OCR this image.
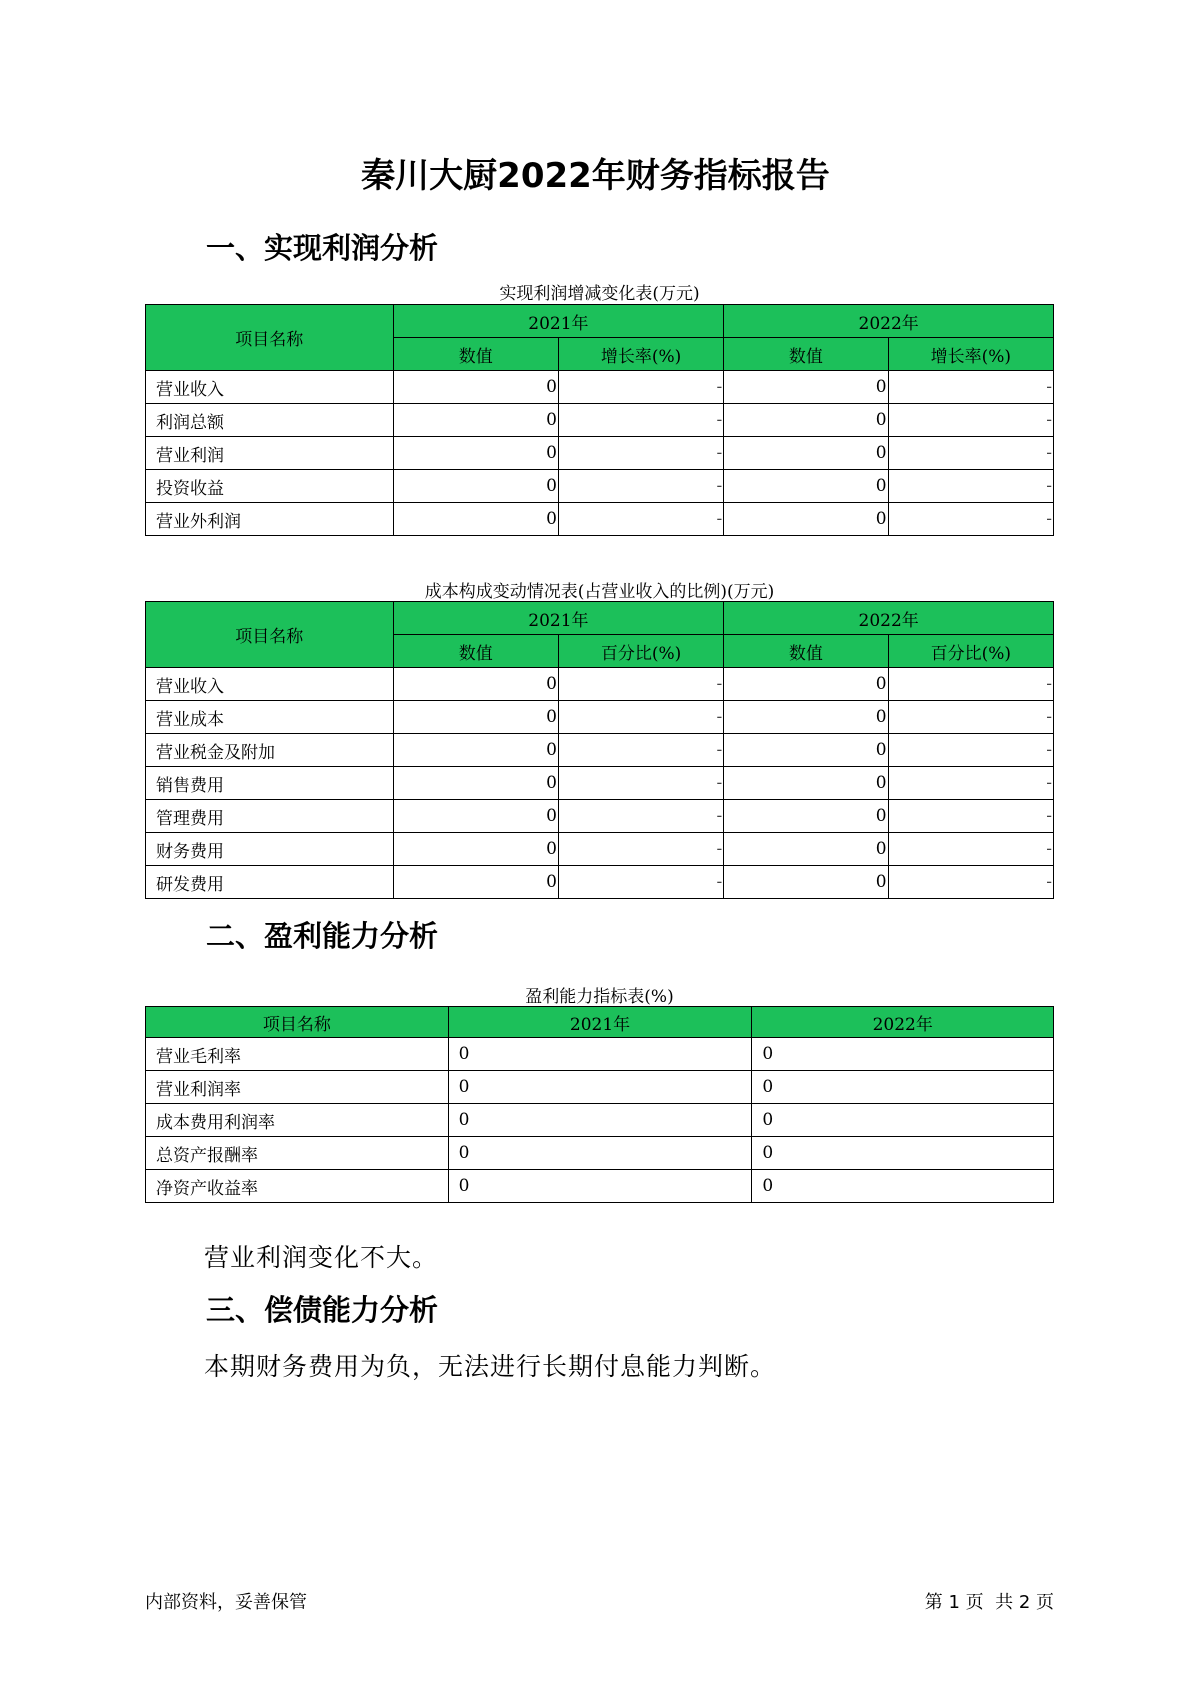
秦川大厨2022年财务指标报告
一、实现利润分析
实现利润增减变化表(万元)
项目名称	2021年		2022年	
	数值	增长率(%)	数值	增长率(%)
营业收入	0	-	0	-
利润总额	0	-	0	-
营业利润	0	-	0	-
投资收益	0	-	0	-
营业外利润	0	-	0	-
成本构成变动情况表(占营业收入的比例)(万元)
项目名称	2021年		2022年	
	数值	百分比(%)	数值	百分比(%)
营业收入	0	-	0	-
营业成本	0	-	0	-
营业税金及附加	0	-	0	-
销售费用	0	-	0	-
管理费用	0	-	0	-
财务费用	0	-	0	-
研发费用	0	-	0	-
二、盈利能力分析
盈利能力指标表(%)
项目名称	2021年	2022年
营业毛利率	0	0
营业利润率	0	0
成本费用利润率	0	0
总资产报酬率	0	0
净资产收益率	0	0
营业利润变化不大。
三、偿债能力分析
本期财务费用为负，无法进行长期付息能力判断。
内部资料，妥善保管	第 1 页  共 2 页
